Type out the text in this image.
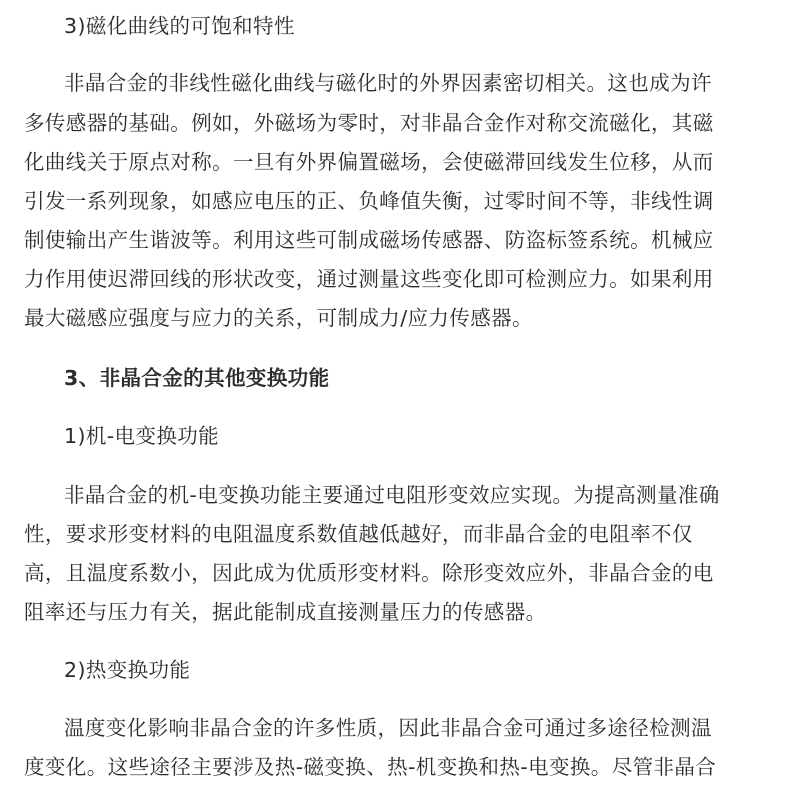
3)磁化曲线的可饱和特性
非晶合金的非线性磁化曲线与磁化时的外界因素密切相关。这也成为许
多传感器的基础。例如，外磁场为零时，对非晶合金作对称交流磁化，其磁
化曲线关于原点对称。一旦有外界偏置磁场，会使磁滞回线发生位移，从而
引发一系列现象，如感应电压的正、负峰值失衡，过零时间不等，非线性调
制使输出产生谐波等。利用这些可制成磁场传感器、防盗标签系统。机械应
力作用使迟滞回线的形状改变，通过测量这些变化即可检测应力。如果利用
最大磁感应强度与应力的关系，可制成力/应力传感器。
3、非晶合金的其他变换功能
1)机-电变换功能
非晶合金的机-电变换功能主要通过电阻形变效应实现。为提高测量准确
性，要求形变材料的电阻温度系数值越低越好，而非晶合金的电阻率不仅
高，且温度系数小，因此成为优质形变材料。除形变效应外，非晶合金的电
阻率还与压力有关，据此能制成直接测量压力的传感器。
2)热变换功能
温度变化影响非晶合金的许多性质，因此非晶合金可通过多途径检测温
度变化。这些途径主要涉及热-磁变换、热-机变换和热-电变换。尽管非晶合
